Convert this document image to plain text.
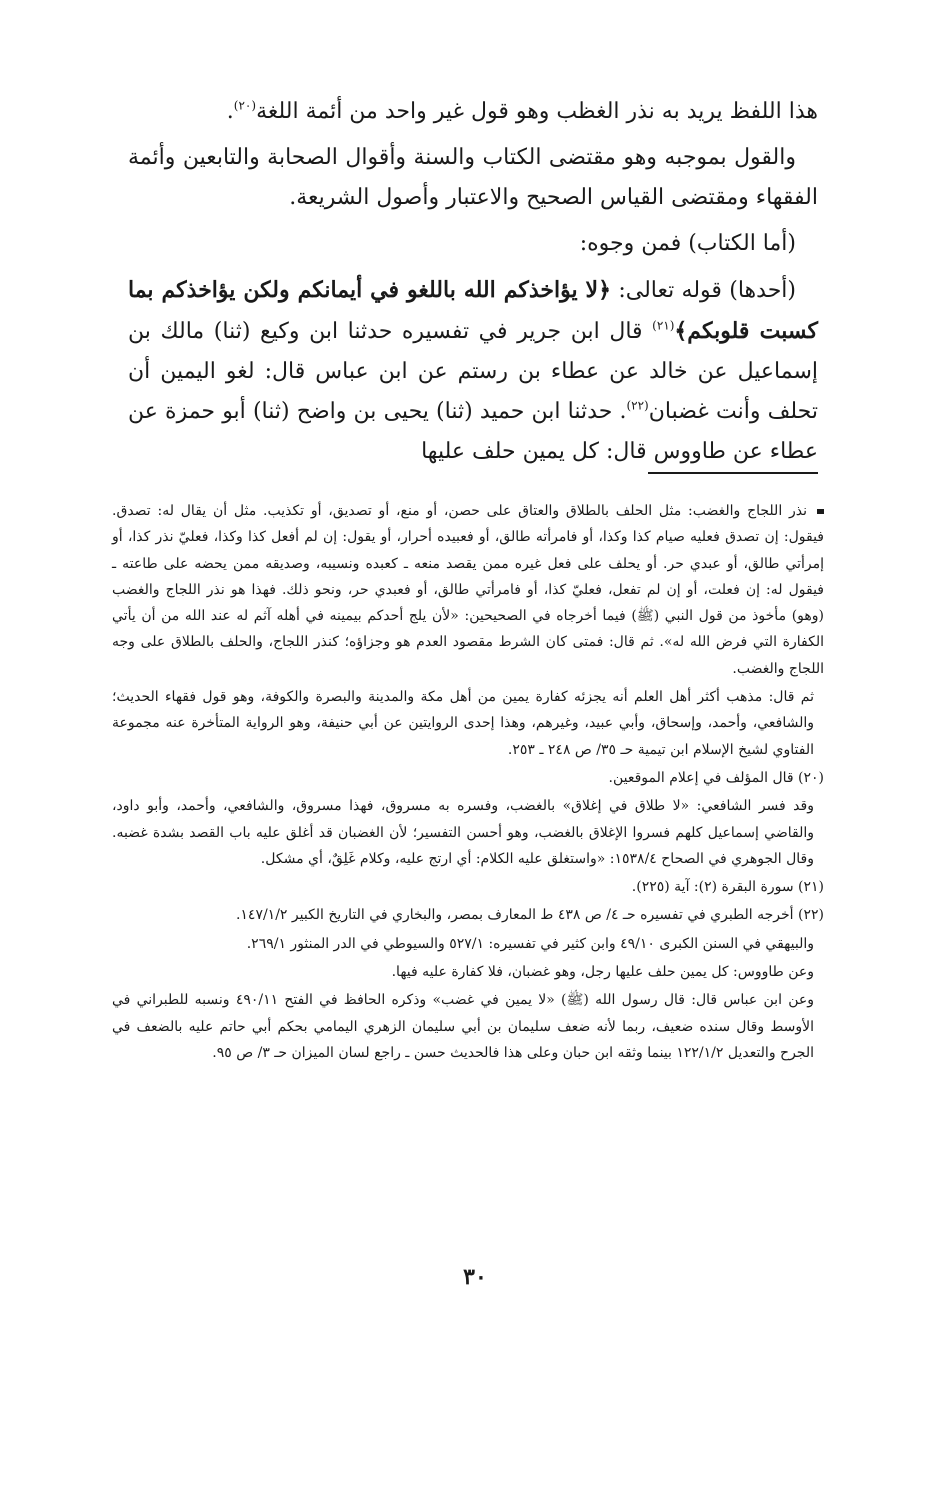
هذا اللفظ يريد به نذر الغظب وهو قول غير واحد من أئمة اللغة$^{(٢٠)}$.

والقول بموجبه وهو مقتضى الكتاب والسنة وأقوال الصحابة والتابعين وأئمة الفقهاء ومقتضى القياس الصحيح والاعتبار وأصول الشريعة.

(أما الكتاب) فمن وجوه:

(أحدها) قوله تعالى: ﴿لا يؤاخذكم الله باللغو في أيمانكم ولكن يؤاخذكم بما كسبت قلوبكم﴾$^{(٢١)}$ قال ابن جرير في تفسيره حدثنا ابن وكيع (ثنا) مالك بن إسماعيل عن خالد عن عطاء بن رستم عن ابن عباس قال: لغو اليمين أن تحلف وأنت غضبان$^{(٢٢)}$. حدثنا ابن حميد (ثنا) يحيى بن واضح (ثنا) أبو حمزة عن عطاء عن طاووس قال: كل يمين حلف عليها

نذر اللجاج والغضب: مثل الحلف بالطلاق والعتاق على حصن، أو منع، أو تصديق، أو تكذيب. مثل أن يقال له: تصدق. فيقول: إن تصدق فعليه صيام كذا وكذا، أو فامرأته طالق، أو فعبيده أحرار، أو يقول: إن لم أفعل كذا وكذا، فعليّ نذر كذا، أو إمرأتي طالق، أو عبدي حر. أو يحلف على فعل غيره ممن يقصد منعه ـ كعبده ونسيبه، وصديقه ممن يحضه على طاعته ـ فيقول له: إن فعلت، أو إن لم تفعل، فعليّ كذا، أو فامرأتي طالق، أو فعبدي حر، ونحو ذلك. فهذا هو نذر اللجاج والغضب (وهو) مأخوذ من قول النبي (ﷺ) فيما أخرجاه في الصحيحين: «لأن يلج أحدكم بيمينه في أهله آثم له عند الله من أن يأتي الكفارة التي فرض الله له». ثم قال: فمتى كان الشرط مقصود العدم هو وجزاؤه؛ كنذر اللجاج، والحلف بالطلاق على وجه اللجاج والغضب.

ثم قال: مذهب أكثر أهل العلم أنه يجزئه كفارة يمين من أهل مكة والمدينة والبصرة والكوفة، وهو قول فقهاء الحديث؛ والشافعي، وأحمد، وإسحاق، وأبي عبيد، وغيرهم، وهذا إحدى الروايتين عن أبي حنيفة، وهو الرواية المتأخرة عنه مجموعة الفتاوي لشيخ الإسلام ابن تيمية حـ ٣٥/ ص ٢٤٨ ـ ٢٥٣.

(٢٠) قال المؤلف في إعلام الموقعين.

وقد فسر الشافعي: «لا طلاق في إغلاق» بالغضب، وفسره به مسروق، فهذا مسروق، والشافعي، وأحمد، وأبو داود، والقاضي إسماعيل كلهم فسروا الإغلاق بالغضب، وهو أحسن التفسير؛ لأن الغضبان قد أغلق عليه باب القصد بشدة غضبه. وقال الجوهري في الصحاح ١٥٣٨/٤: «واستغلق عليه الكلام: أي ارتج عليه، وكلام غَلِقٌ، أي مشكل.

(٢١) سورة البقرة (٢): آية (٢٢٥).

(٢٢) أخرجه الطبري في تفسيره حـ ٤/ ص ٤٣٨ ط المعارف بمصر، والبخاري في التاريخ الكبير ١٤٧/١/٢.

والبيهقي في السنن الكبرى ٤٩/١٠ وابن كثير في تفسيره: ٥٢٧/١ والسيوطي في الدر المنثور ٢٦٩/١.

وعن طاووس: كل يمين حلف عليها رجل، وهو غضبان، فلا كفارة عليه فيها.

وعن ابن عباس قال: قال رسول الله (ﷺ) «لا يمين في غضب» وذكره الحافظ في الفتح ٤٩٠/١١ ونسبه للطبراني في الأوسط وقال سنده ضعيف، ربما لأنه ضعف سليمان بن أبي سليمان الزهري اليمامي بحكم أبي حاتم عليه بالضعف في الجرح والتعديل ١٢٢/١/٢ بينما وثقه ابن حبان وعلى هذا فالحديث حسن ـ راجع لسان الميزان حـ ٣/ ص ٩٥.

٣٠
